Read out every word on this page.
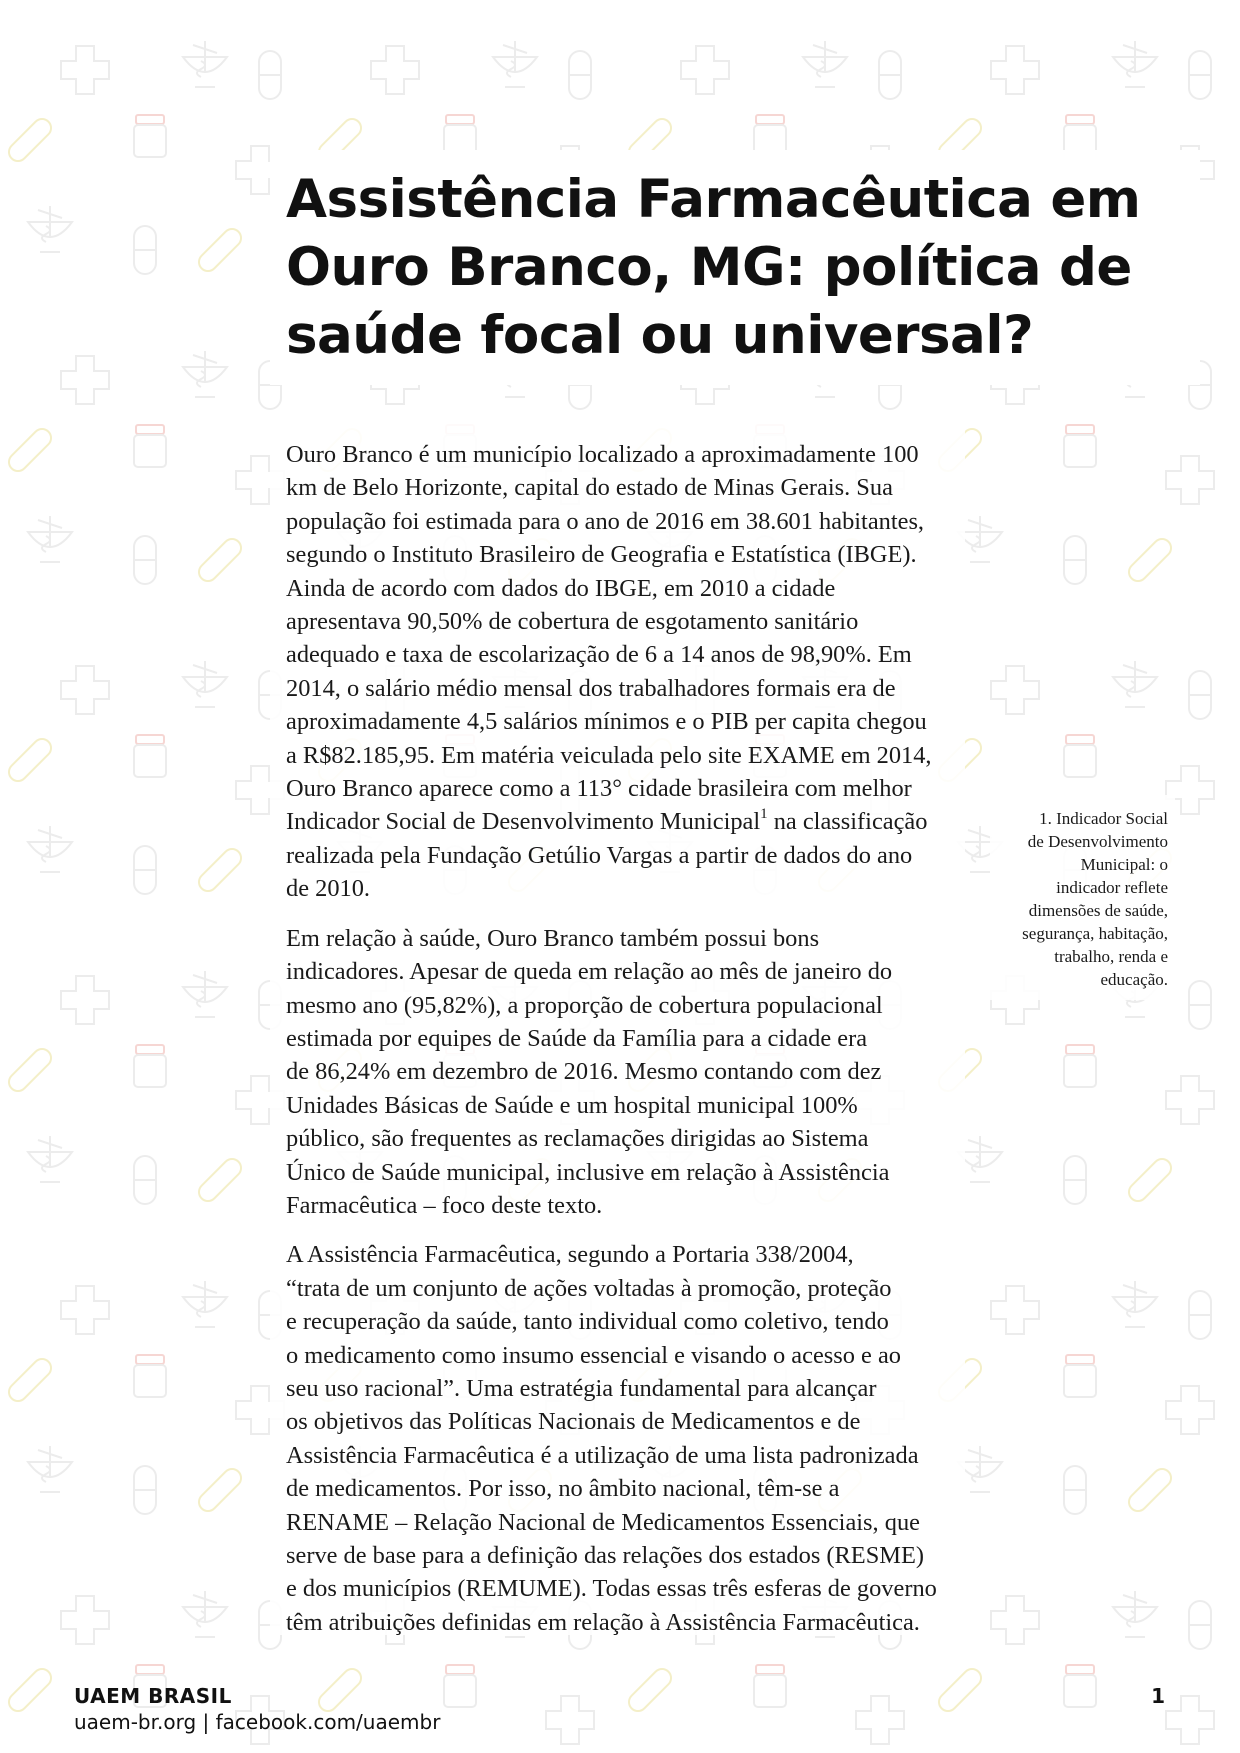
Assistência Farmacêutica em
Ouro Branco, MG: política de
saúde focal ou universal?

Ouro Branco é um município localizado a aproximadamente 100
km de Belo Horizonte, capital do estado de Minas Gerais. Sua
população foi estimada para o ano de 2016 em 38.601 habitantes,
segundo o Instituto Brasileiro de Geografia e Estatística (IBGE).
Ainda de acordo com dados do IBGE, em 2010 a cidade
apresentava 90,50% de cobertura de esgotamento sanitário
adequado e taxa de escolarização de 6 a 14 anos de 98,90%. Em
2014, o salário médio mensal dos trabalhadores formais era de
aproximadamente 4,5 salários mínimos e o PIB per capita chegou
a R$82.185,95. Em matéria veiculada pelo site EXAME em 2014,
Ouro Branco aparece como a 113° cidade brasileira com melhor
Indicador Social de Desenvolvimento Municipal$^1$ na classificação
realizada pela Fundação Getúlio Vargas a partir de dados do ano
de 2010.

Em relação à saúde, Ouro Branco também possui bons
indicadores. Apesar de queda em relação ao mês de janeiro do
mesmo ano (95,82%), a proporção de cobertura populacional
estimada por equipes de Saúde da Família para a cidade era
de 86,24% em dezembro de 2016. Mesmo contando com dez
Unidades Básicas de Saúde e um hospital municipal 100%
público, são frequentes as reclamações dirigidas ao Sistema
Único de Saúde municipal, inclusive em relação à Assistência
Farmacêutica – foco deste texto.

A Assistência Farmacêutica, segundo a Portaria 338/2004,
“trata de um conjunto de ações voltadas à promoção, proteção
e recuperação da saúde, tanto individual como coletivo, tendo
o medicamento como insumo essencial e visando o acesso e ao
seu uso racional”. Uma estratégia fundamental para alcançar
os objetivos das Políticas Nacionais de Medicamentos e de
Assistência Farmacêutica é a utilização de uma lista padronizada
de medicamentos. Por isso, no âmbito nacional, têm-se a
RENAME – Relação Nacional de Medicamentos Essenciais, que
serve de base para a definição das relações dos estados (RESME)
e dos municípios (REMUME). Todas essas três esferas de governo
têm atribuições definidas em relação à Assistência Farmacêutica.

1. Indicador Social
de Desenvolvimento
Municipal: o
indicador reflete
dimensões de saúde,
segurança, habitação,
trabalho, renda e
educação.
UAEM BRASIL
uaem-br.org | facebook.com/uaembr
1
